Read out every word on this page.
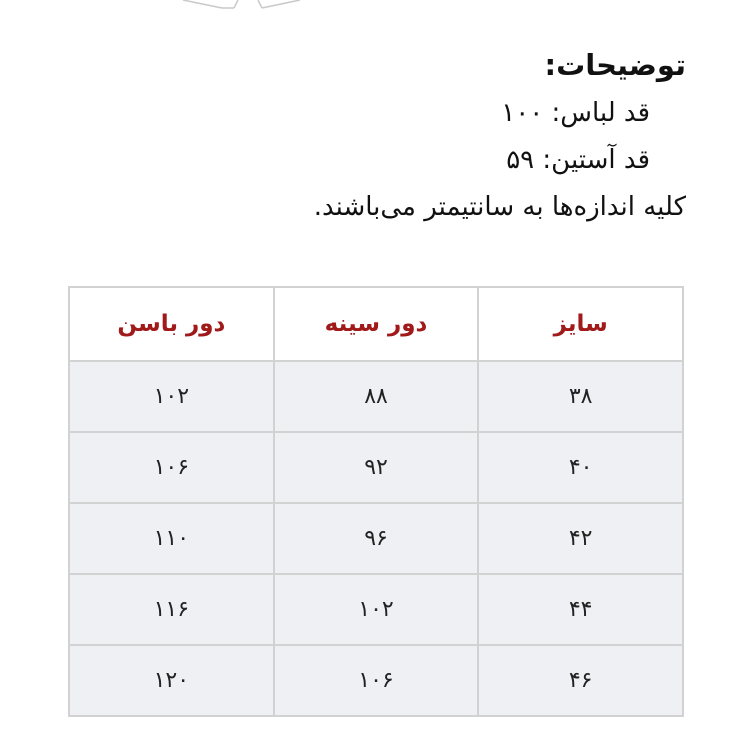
توضیحات:

قد لباس: ۱۰۰

قد آستین: ۵۹

کلیه اندازه‌ها به سانتیمتر می‌باشند.

سایز	دور سینه	دور باسن
۳۸	۸۸	۱۰۲
۴۰	۹۲	۱۰۶
۴۲	۹۶	۱۱۰
۴۴	۱۰۲	۱۱۶
۴۶	۱۰۶	۱۲۰
